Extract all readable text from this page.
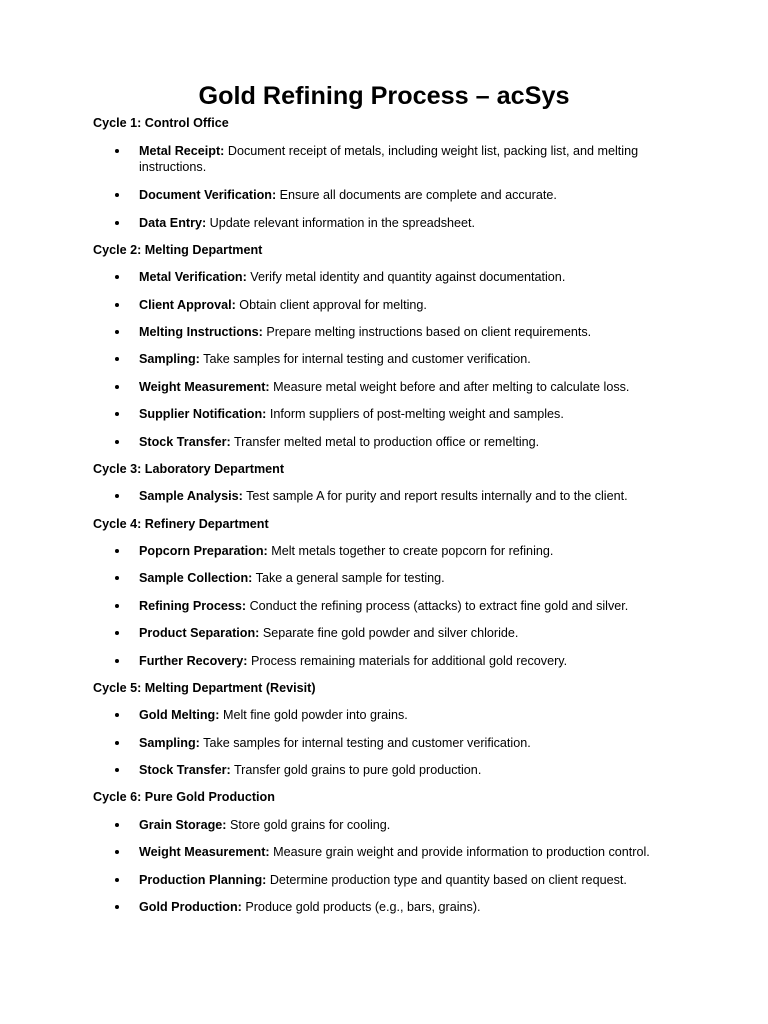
Gold Refining Process – acSys

Cycle 1: Control Office

Metal Receipt: Document receipt of metals, including weight list, packing list, and melting instructions.

Document Verification: Ensure all documents are complete and accurate.

Data Entry: Update relevant information in the spreadsheet.

Cycle 2: Melting Department

Metal Verification: Verify metal identity and quantity against documentation.

Client Approval: Obtain client approval for melting.

Melting Instructions: Prepare melting instructions based on client requirements.

Sampling: Take samples for internal testing and customer verification.

Weight Measurement: Measure metal weight before and after melting to calculate loss.

Supplier Notification: Inform suppliers of post-melting weight and samples.

Stock Transfer: Transfer melted metal to production office or remelting.

Cycle 3: Laboratory Department

Sample Analysis: Test sample A for purity and report results internally and to the client.

Cycle 4: Refinery Department

Popcorn Preparation: Melt metals together to create popcorn for refining.

Sample Collection: Take a general sample for testing.

Refining Process: Conduct the refining process (attacks) to extract fine gold and silver.

Product Separation: Separate fine gold powder and silver chloride.

Further Recovery: Process remaining materials for additional gold recovery.

Cycle 5: Melting Department (Revisit)

Gold Melting: Melt fine gold powder into grains.

Sampling: Take samples for internal testing and customer verification.

Stock Transfer: Transfer gold grains to pure gold production.

Cycle 6: Pure Gold Production

Grain Storage: Store gold grains for cooling.

Weight Measurement: Measure grain weight and provide information to production control.

Production Planning: Determine production type and quantity based on client request.

Gold Production: Produce gold products (e.g., bars, grains).
